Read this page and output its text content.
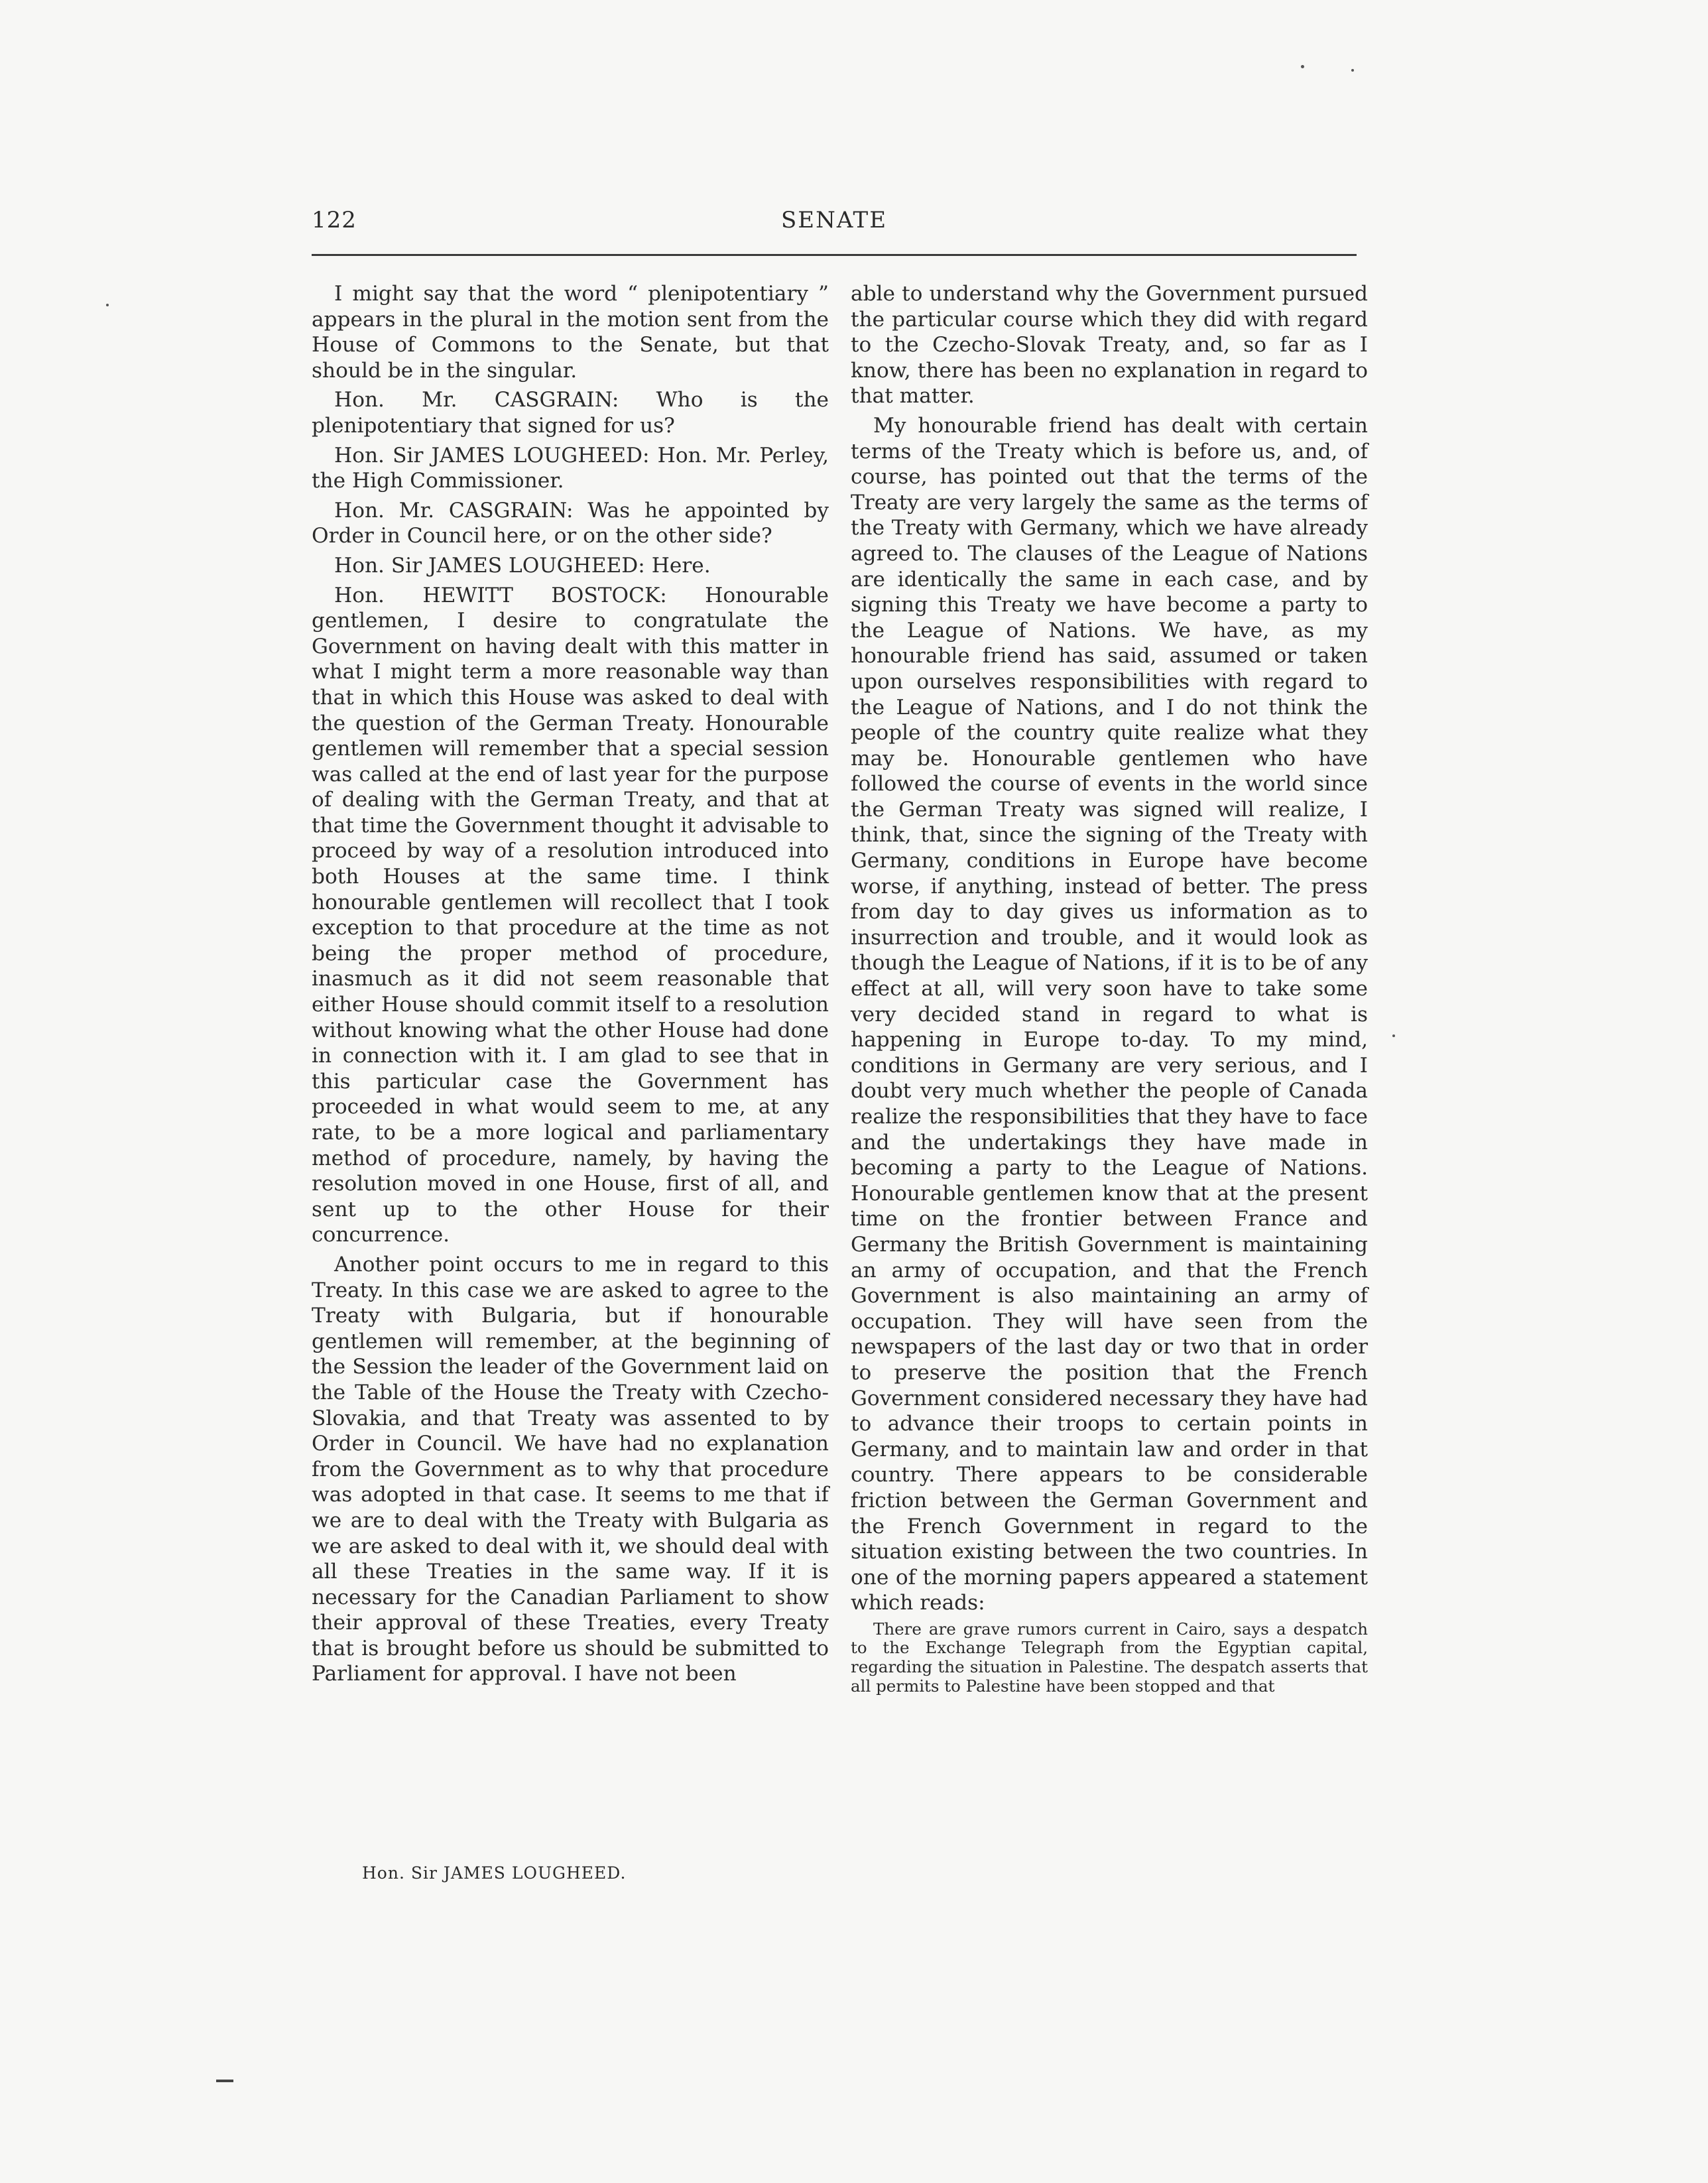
122	SENATE

I might say that the word “ plenipotentiary ” appears in the plural in the motion sent from the House of Commons to the Senate, but that should be in the singular.

Hon. Mr. CASGRAIN: Who is the plenipotentiary that signed for us?

Hon. Sir JAMES LOUGHEED: Hon. Mr. Perley, the High Commissioner.

Hon. Mr. CASGRAIN: Was he appointed by Order in Council here, or on the other side?

Hon. Sir JAMES LOUGHEED: Here.

Hon. HEWITT BOSTOCK: Honourable gentlemen, I desire to congratulate the Government on having dealt with this matter in what I might term a more reasonable way than that in which this House was asked to deal with the question of the German Treaty. Honourable gentlemen will remember that a special session was called at the end of last year for the purpose of dealing with the German Treaty, and that at that time the Government thought it advisable to proceed by way of a resolution introduced into both Houses at the same time. I think honourable gentlemen will recollect that I took exception to that procedure at the time as not being the proper method of procedure, inasmuch as it did not seem reasonable that either House should commit itself to a resolution without knowing what the other House had done in connection with it. I am glad to see that in this particular case the Government has proceeded in what would seem to me, at any rate, to be a more logical and parliamentary method of procedure, namely, by having the resolution moved in one House, first of all, and sent up to the other House for their concurrence.

Another point occurs to me in regard to this Treaty. In this case we are asked to agree to the Treaty with Bulgaria, but if honourable gentlemen will remember, at the beginning of the Session the leader of the Government laid on the Table of the House the Treaty with Czecho-Slovakia, and that Treaty was assented to by Order in Council. We have had no explanation from the Government as to why that procedure was adopted in that case. It seems to me that if we are to deal with the Treaty with Bulgaria as we are asked to deal with it, we should deal with all these Treaties in the same way. If it is necessary for the Canadian Parliament to show their approval of these Treaties, every Treaty that is brought before us should be submitted to Parliament for approval. I have not been

able to understand why the Government pursued the particular course which they did with regard to the Czecho-Slovak Treaty, and, so far as I know, there has been no explanation in regard to that matter.

My honourable friend has dealt with certain terms of the Treaty which is before us, and, of course, has pointed out that the terms of the Treaty are very largely the same as the terms of the Treaty with Germany, which we have already agreed to. The clauses of the League of Nations are identically the same in each case, and by signing this Treaty we have become a party to the League of Nations. We have, as my honourable friend has said, assumed or taken upon ourselves responsibilities with regard to the League of Nations, and I do not think the people of the country quite realize what they may be. Honourable gentlemen who have followed the course of events in the world since the German Treaty was signed will realize, I think, that, since the signing of the Treaty with Germany, conditions in Europe have become worse, if anything, instead of better. The press from day to day gives us information as to insurrection and trouble, and it would look as though the League of Nations, if it is to be of any effect at all, will very soon have to take some very decided stand in regard to what is happening in Europe to-day. To my mind, conditions in Germany are very serious, and I doubt very much whether the people of Canada realize the responsibilities that they have to face and the undertakings they have made in becoming a party to the League of Nations. Honourable gentlemen know that at the present time on the frontier between France and Germany the British Government is maintaining an army of occupation, and that the French Government is also maintaining an army of occupation. They will have seen from the newspapers of the last day or two that in order to preserve the position that the French Government considered necessary they have had to advance their troops to certain points in Germany, and to maintain law and order in that country. There appears to be considerable friction between the German Government and the French Government in regard to the situation existing between the two countries. In one of the morning papers appeared a statement which reads:

There are grave rumors current in Cairo, says a despatch to the Exchange Telegraph from the Egyptian capital, regarding the situation in Palestine. The despatch asserts that all permits to Palestine have been stopped and that
Hon. Sir JAMES LOUGHEED.
